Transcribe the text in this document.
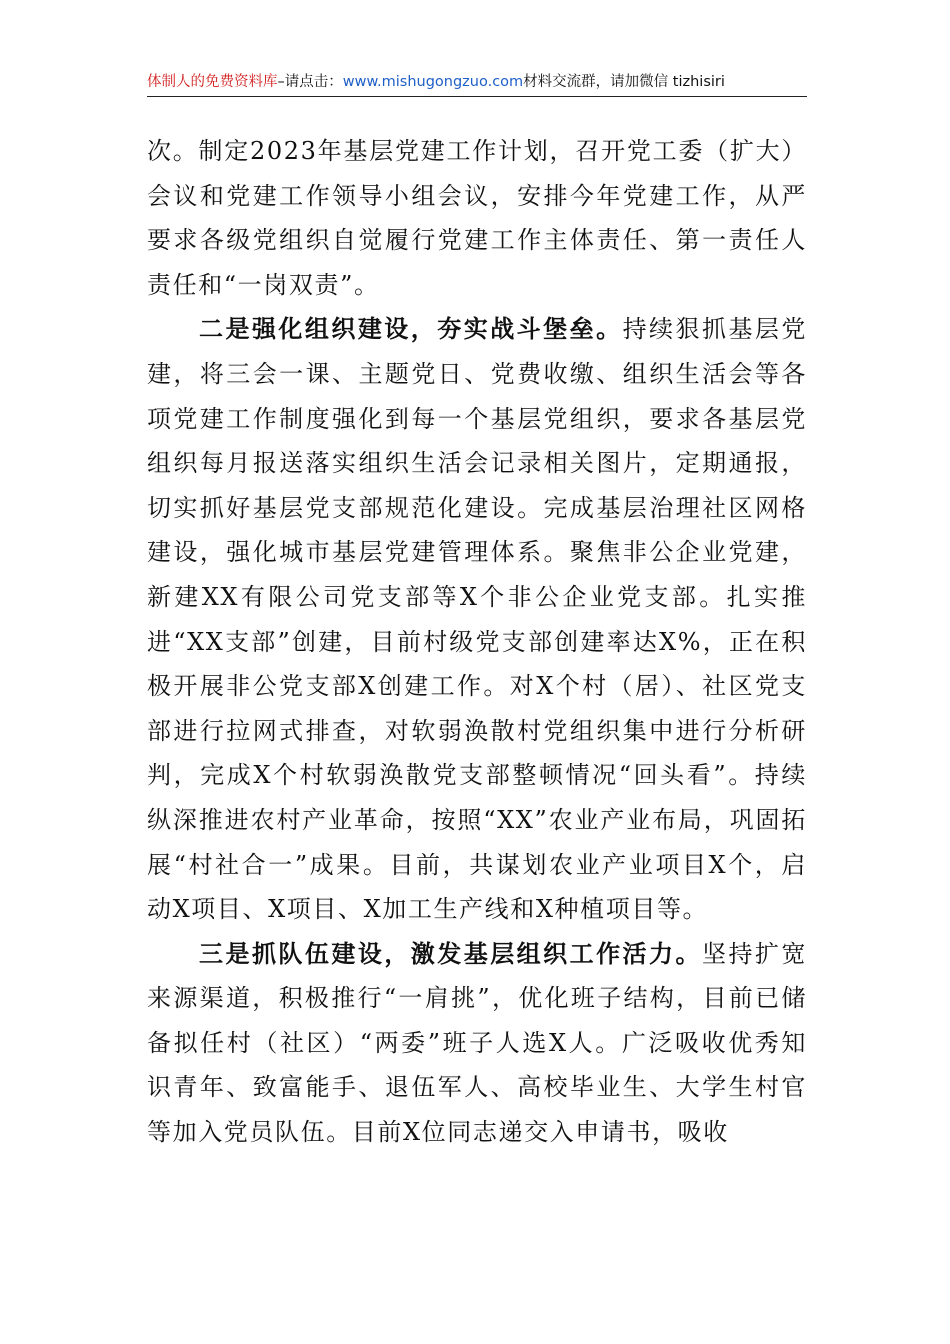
体制人的免费资料库–请点击：www.mishugongzuo.com材料交流群，请加微信 tizhisiri

次。制定2023年基层党建工作计划，召开党工委（扩大）会议和党建工作领导小组会议，安排今年党建工作，从严要求各级党组织自觉履行党建工作主体责任、第一责任人责任和“一岗双责”。

二是强化组织建设，夯实战斗堡垒。持续狠抓基层党建，将三会一课、主题党日、党费收缴、组织生活会等各项党建工作制度强化到每一个基层党组织，要求各基层党组织每月报送落实组织生活会记录相关图片，定期通报，切实抓好基层党支部规范化建设。完成基层治理社区网格建设，强化城市基层党建管理体系。聚焦非公企业党建，新建XX有限公司党支部等X个非公企业党支部。扎实推进“XX支部”创建，目前村级党支部创建率达X%，正在积极开展非公党支部X创建工作。对X个村（居）、社区党支部进行拉网式排查，对软弱涣散村党组织集中进行分析研判，完成X个村软弱涣散党支部整顿情况“回头看”。持续纵深推进农村产业革命，按照“XX”农业产业布局，巩固拓展“村社合一”成果。目前，共谋划农业产业项目X个，启动X项目、X项目、X加工生产线和X种植项目等。

三是抓队伍建设，激发基层组织工作活力。坚持扩宽来源渠道，积极推行“一肩挑”，优化班子结构，目前已储备拟任村（社区）“两委”班子人选X人。广泛吸收优秀知识青年、致富能手、退伍军人、高校毕业生、大学生村官等加入党员队伍。目前X位同志递交入申请书，吸收
